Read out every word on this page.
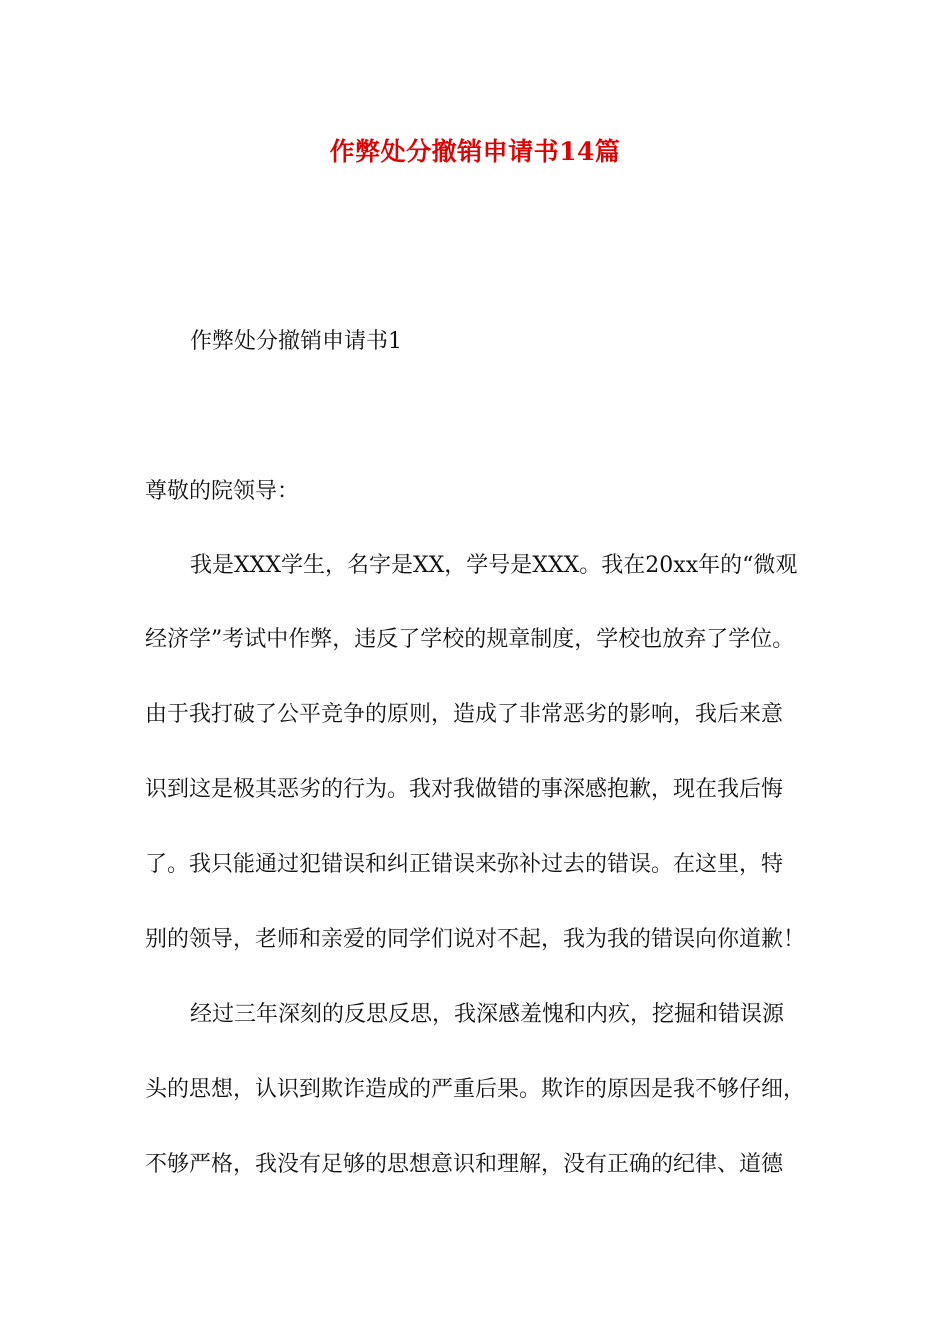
作弊处分撤销申请书14篇
作弊处分撤销申请书1
尊敬的院领导：
我是XXX学生，名字是XX，学号是XXX。我在20xx年的“微观
经济学”考试中作弊，违反了学校的规章制度，学校也放弃了学位。
由于我打破了公平竞争的原则，造成了非常恶劣的影响，我后来意
识到这是极其恶劣的行为。我对我做错的事深感抱歉，现在我后悔
了。我只能通过犯错误和纠正错误来弥补过去的错误。在这里，特
别的领导，老师和亲爱的同学们说对不起，我为我的错误向你道歉！
经过三年深刻的反思反思，我深感羞愧和内疚，挖掘和错误源
头的思想，认识到欺诈造成的严重后果。欺诈的原因是我不够仔细，
不够严格，我没有足够的思想意识和理解，没有正确的纪律、道德
